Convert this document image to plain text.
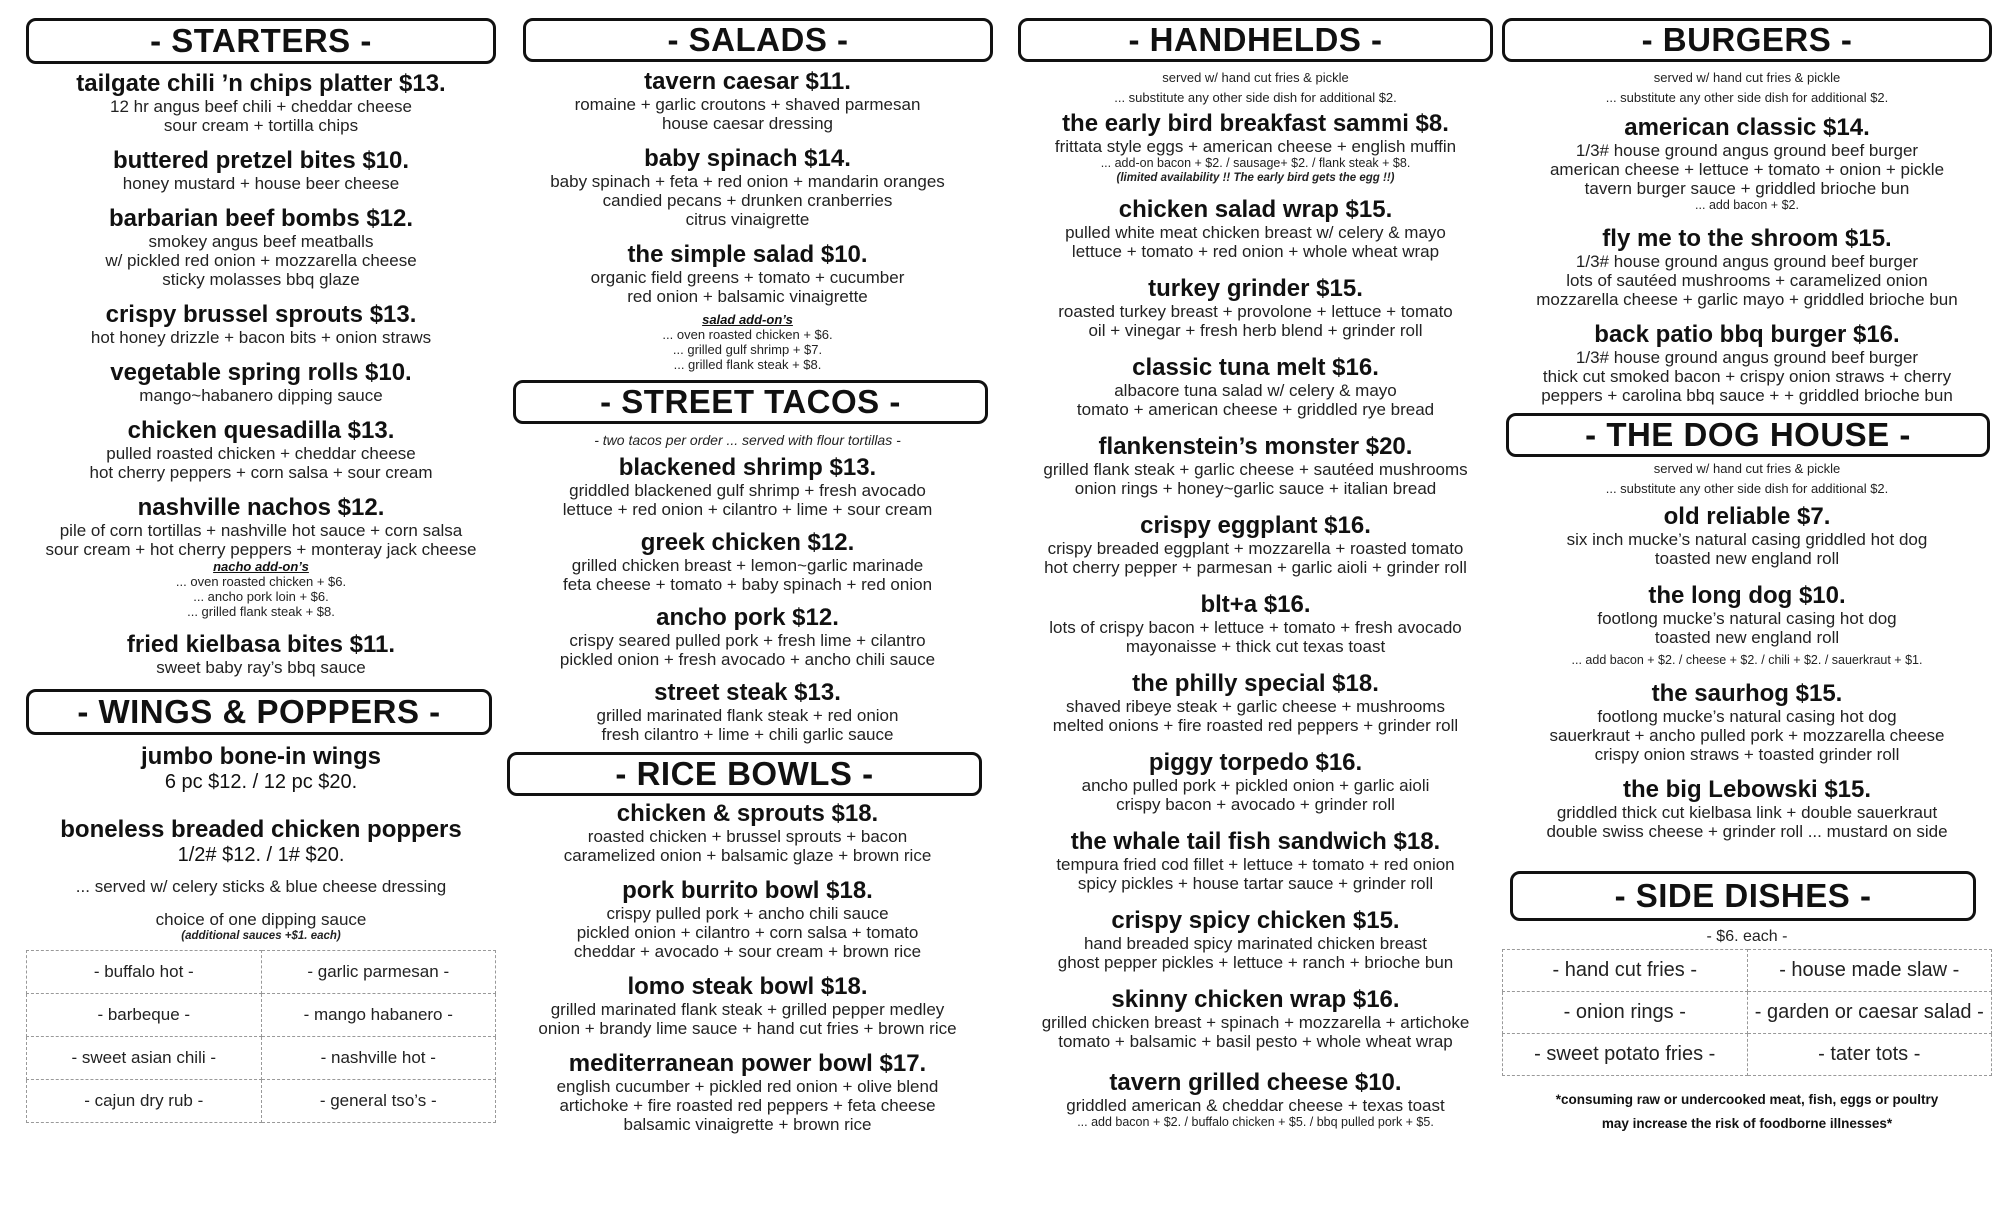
- STARTERS -
tailgate chili ’n chips platter $13.
12 hr angus beef chili + cheddar cheese
sour cream + tortilla chips
buttered pretzel bites $10.
honey mustard + house beer cheese
barbarian beef bombs $12.
smokey angus beef meatballs
w/ pickled red onion + mozzarella cheese
sticky molasses bbq glaze
crispy brussel sprouts $13.
hot honey drizzle + bacon bits + onion straws
vegetable spring rolls $10.
mango~habanero dipping sauce
chicken quesadilla $13.
pulled roasted chicken + cheddar cheese
hot cherry peppers + corn salsa + sour cream
nashville nachos $12.
pile of corn tortillas + nashville hot sauce + corn salsa
sour cream + hot cherry peppers + monteray jack cheese
nacho add-on’s
... oven roasted chicken + $6.
... ancho pork loin + $6.
... grilled flank steak + $8.
fried kielbasa bites $11.
sweet baby ray’s bbq sauce
- WINGS & POPPERS -
jumbo bone-in wings
6 pc $12. / 12 pc $20.
boneless breaded chicken poppers
1/2# $12. / 1# $20.
... served w/ celery sticks & blue cheese dressing
choice of one dipping sauce
(additional sauces +$1. each)
- buffalo hot -	- garlic parmesan -
- barbeque -	- mango habanero -
- sweet asian chili -	- nashville hot -
- cajun dry rub -	- general tso’s -
- SALADS -
tavern caesar $11.
romaine + garlic croutons + shaved parmesan
house caesar dressing
baby spinach $14.
baby spinach + feta + red onion + mandarin oranges
candied pecans + drunken cranberries
citrus vinaigrette
the simple salad $10.
organic field greens + tomato + cucumber
red onion + balsamic vinaigrette
salad add-on’s
... oven roasted chicken + $6.
... grilled gulf shrimp + $7.
... grilled flank steak + $8.
- STREET TACOS -
- two tacos per order ... served with flour tortillas -
blackened shrimp $13.
griddled blackened gulf shrimp + fresh avocado
lettuce + red onion + cilantro + lime + sour cream
greek chicken $12.
grilled chicken breast + lemon~garlic marinade
feta cheese + tomato + baby spinach + red onion
ancho pork $12.
crispy seared pulled pork + fresh lime + cilantro
pickled onion + fresh avocado + ancho chili sauce
street steak $13.
grilled marinated flank steak + red onion
fresh cilantro + lime + chili garlic sauce
- RICE BOWLS -
chicken & sprouts $18.
roasted chicken + brussel sprouts + bacon
caramelized onion + balsamic glaze + brown rice
pork burrito bowl $18.
crispy pulled pork + ancho chili sauce
pickled onion + cilantro + corn salsa + tomato
cheddar + avocado + sour cream + brown rice
lomo steak bowl $18.
grilled marinated flank steak + grilled pepper medley
onion + brandy lime sauce + hand cut fries + brown rice
mediterranean power bowl $17.
english cucumber + pickled red onion + olive blend
artichoke + fire roasted red peppers + feta cheese
balsamic vinaigrette + brown rice
- HANDHELDS -
served w/ hand cut fries & pickle
... substitute any other side dish for additional $2.
the early bird breakfast sammi $8.
frittata style eggs + american cheese + english muffin
... add-on bacon + $2. / sausage+ $2. / flank steak + $8.
(limited availability !! The early bird gets the egg !!)
chicken salad wrap $15.
pulled white meat chicken breast w/ celery & mayo
lettuce + tomato + red onion + whole wheat wrap
turkey grinder $15.
roasted turkey breast + provolone + lettuce + tomato
oil + vinegar + fresh herb blend + grinder roll
classic tuna melt $16.
albacore tuna salad w/ celery & mayo
tomato + american cheese + griddled rye bread
flankenstein’s monster $20.
grilled flank steak + garlic cheese + sautéed mushrooms
onion rings + honey~garlic sauce + italian bread
crispy eggplant $16.
crispy breaded eggplant + mozzarella + roasted tomato
hot cherry pepper + parmesan + garlic aioli + grinder roll
blt+a $16.
lots of crispy bacon + lettuce + tomato + fresh avocado
mayonaisse + thick cut texas toast
the philly special $18.
shaved ribeye steak + garlic cheese + mushrooms
melted onions + fire roasted red peppers + grinder roll
piggy torpedo $16.
ancho pulled pork + pickled onion + garlic aioli
crispy bacon + avocado + grinder roll
the whale tail fish sandwich $18.
tempura fried cod fillet + lettuce + tomato + red onion
spicy pickles + house tartar sauce + grinder roll
crispy spicy chicken $15.
hand breaded spicy marinated chicken breast
ghost pepper pickles + lettuce + ranch + brioche bun
skinny chicken wrap $16.
grilled chicken breast + spinach + mozzarella + artichoke
tomato + balsamic + basil pesto + whole wheat wrap
tavern grilled cheese $10.
griddled american & cheddar cheese + texas toast
... add bacon + $2. / buffalo chicken + $5. / bbq pulled pork + $5.
- BURGERS -
served w/ hand cut fries & pickle
... substitute any other side dish for additional $2.
american classic $14.
1/3# house ground angus ground beef burger
american cheese + lettuce + tomato + onion + pickle
tavern burger sauce + griddled brioche bun
... add bacon + $2.
fly me to the shroom $15.
1/3# house ground angus ground beef burger
lots of sautéed mushrooms + caramelized onion
mozzarella cheese + garlic mayo + griddled brioche bun
back patio bbq burger $16.
1/3# house ground angus ground beef burger
thick cut smoked bacon + crispy onion straws + cherry
peppers + carolina bbq sauce + + griddled brioche bun
- THE DOG HOUSE -
served w/ hand cut fries & pickle
... substitute any other side dish for additional $2.
old reliable $7.
six inch mucke’s natural casing griddled hot dog
toasted new england roll
the long dog $10.
footlong mucke’s natural casing hot dog
toasted new england roll
... add bacon + $2. / cheese + $2. / chili + $2. / sauerkraut + $1.
the saurhog $15.
footlong mucke’s natural casing hot dog
sauerkraut + ancho pulled pork + mozzarella cheese
crispy onion straws + toasted grinder roll
the big Lebowski $15.
griddled thick cut kielbasa link + double sauerkraut
double swiss cheese + grinder roll ... mustard on side
- SIDE DISHES -
- $6. each -
- hand cut fries -	- house made slaw -
- onion rings -	- garden or caesar salad -
- sweet potato fries -	- tater tots -
*consuming raw or undercooked meat, fish, eggs or poultry
may increase the risk of foodborne illnesses*
